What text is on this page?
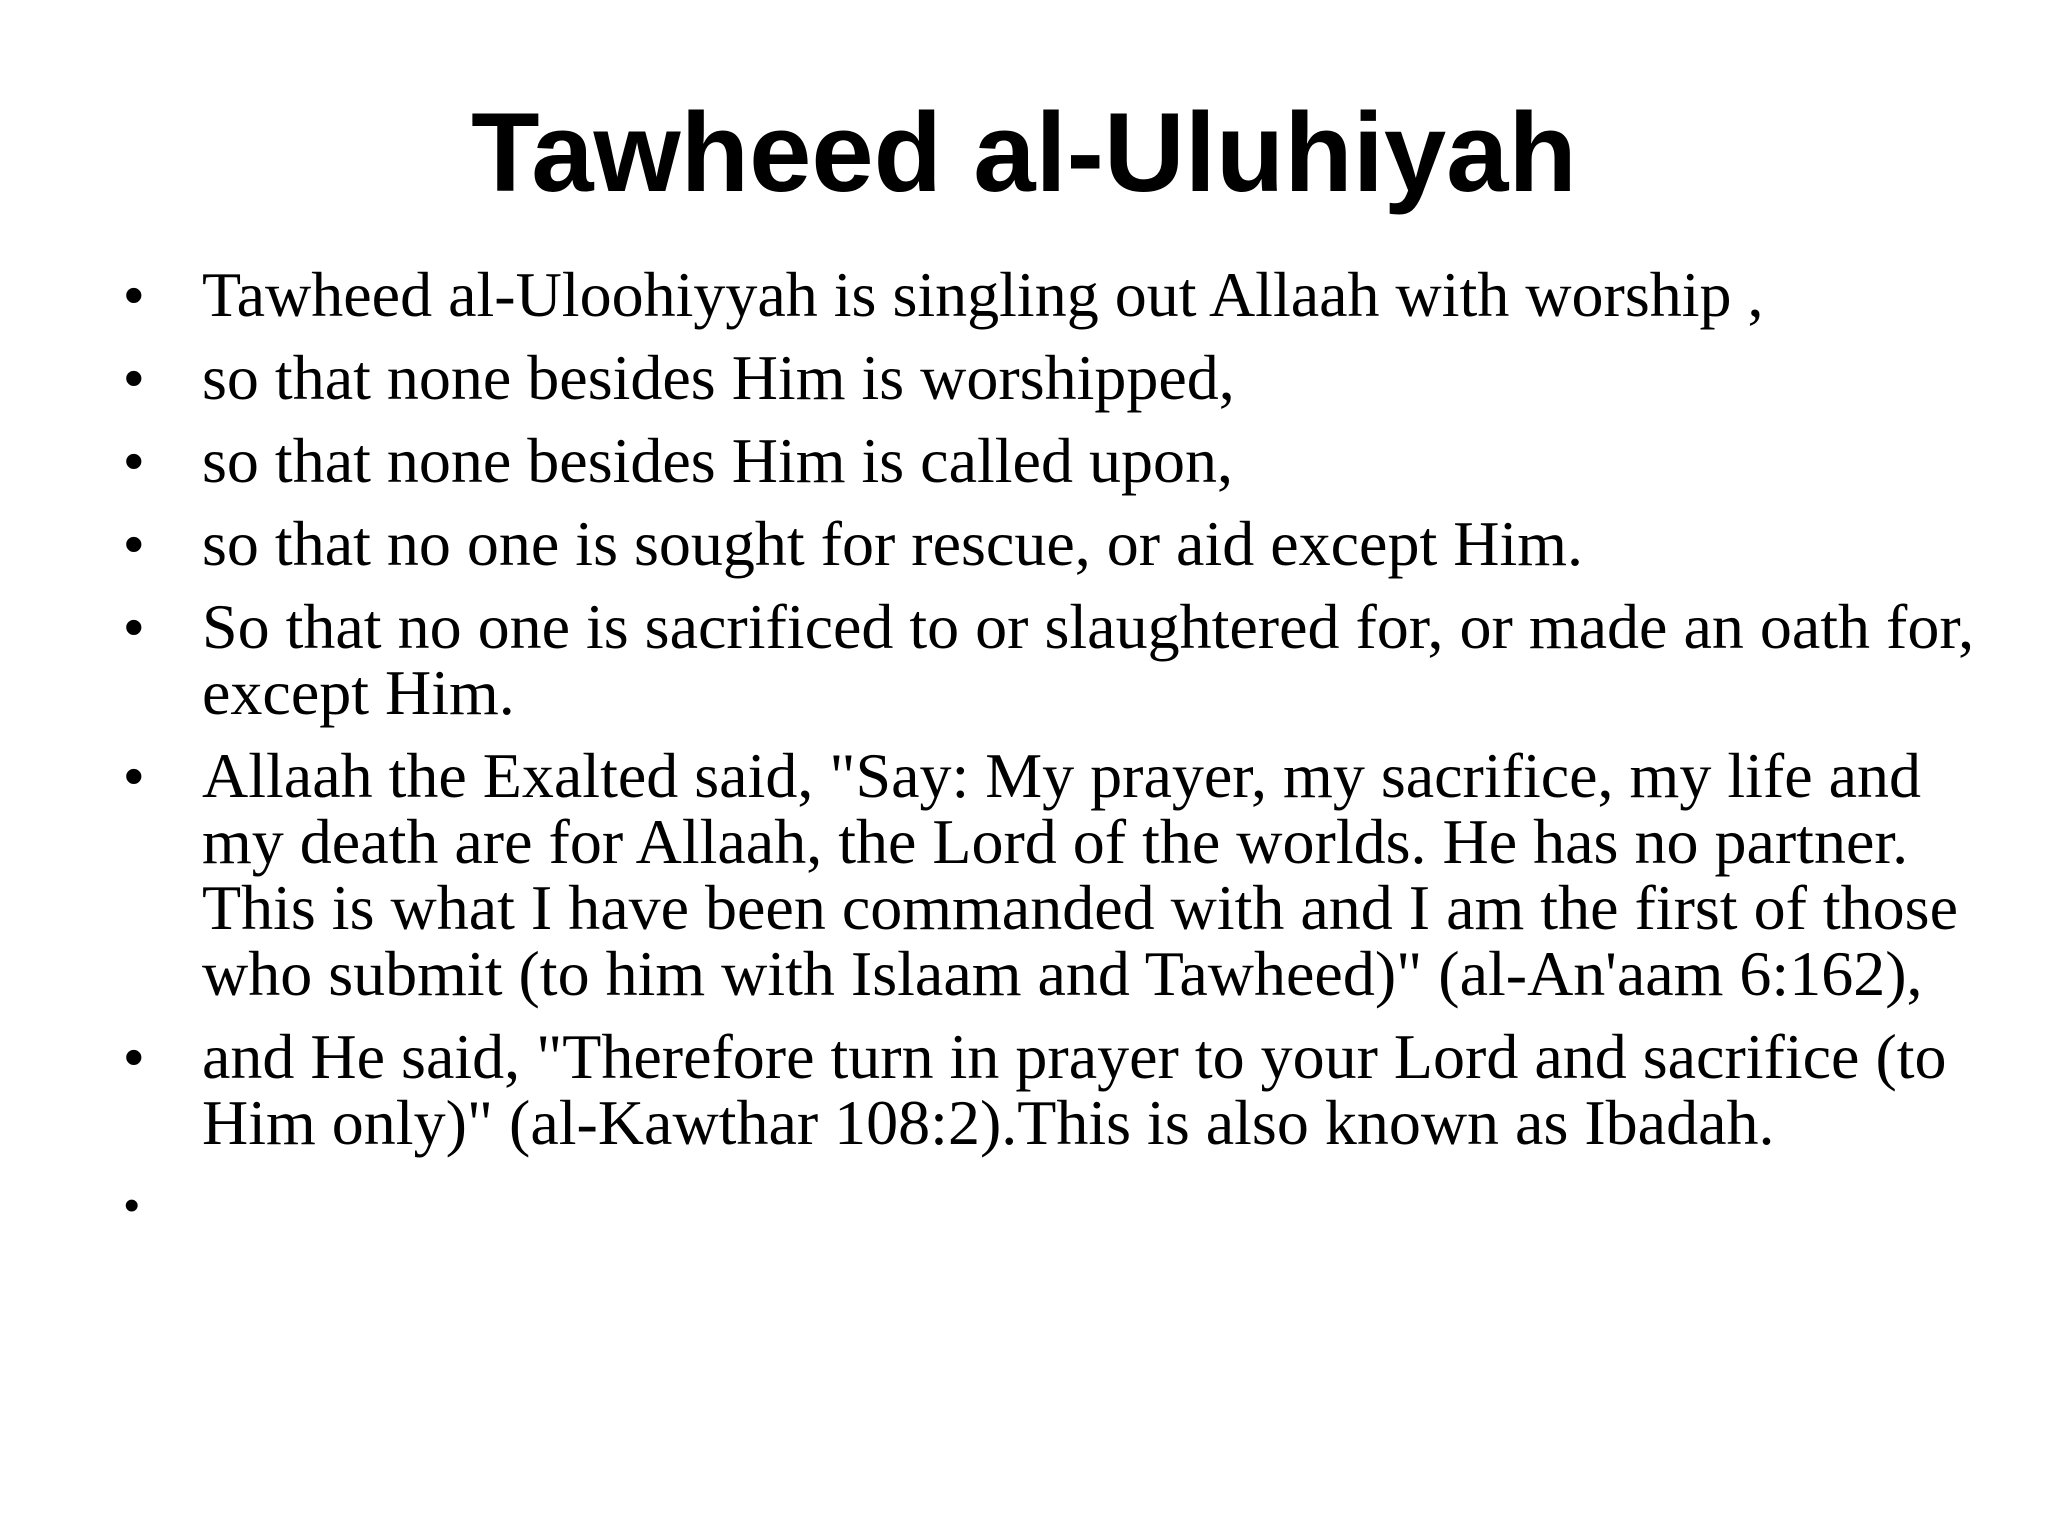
Tawheed al-Uluhiyah
• Tawheed al-Uloohiyyah is singling out Allaah with worship ,
• so that none besides Him is worshipped,
• so that none besides Him is called upon,
• so that no one is sought for rescue, or aid except Him.
• So that no one is sacrificed to or slaughtered for, or made an oath for, except Him.
• Allaah the Exalted said, "Say: My prayer, my sacrifice, my life and my death are for Allaah, the Lord of the worlds. He has no partner. This is what I have been commanded with and I am the first of those who submit (to him with Islaam and Tawheed)" (al-An'aam 6:162),
• and He said, "Therefore turn in prayer to your Lord and sacrifice (to Him only)" (al-Kawthar 108:2).This is also known as Ibadah.
•
